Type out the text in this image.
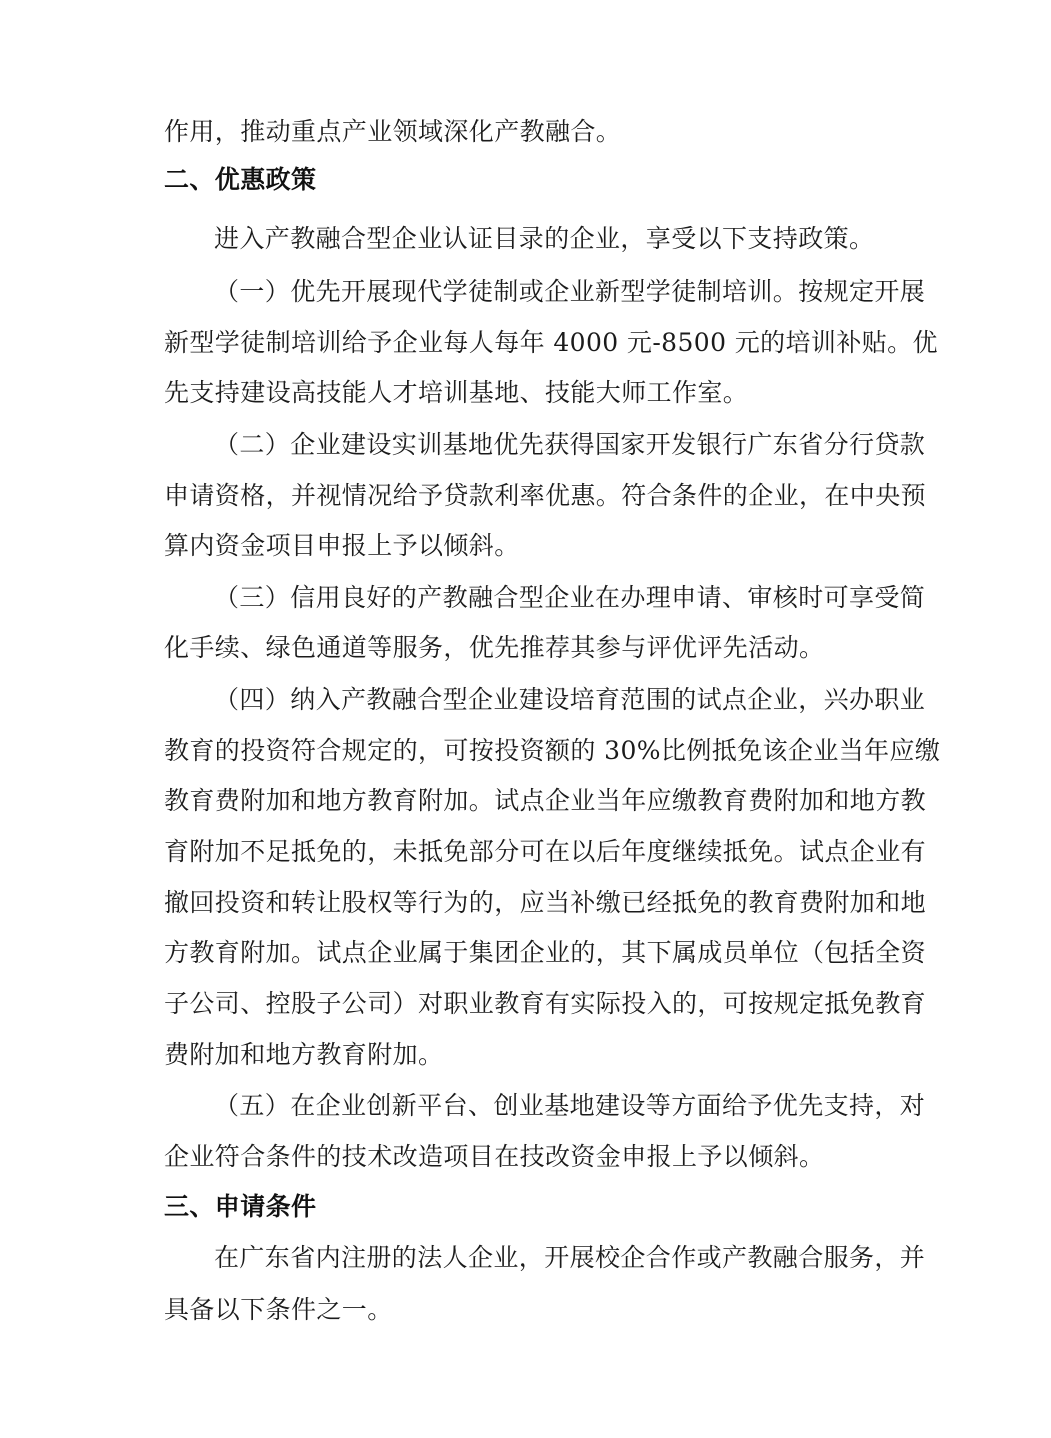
作用，推动重点产业领域深化产教融合。
二、优惠政策
进入产教融合型企业认证目录的企业，享受以下支持政策。
（一）优先开展现代学徒制或企业新型学徒制培训。按规定开展
新型学徒制培训给予企业每人每年 4000 元-8500 元的培训补贴。优
先支持建设高技能人才培训基地、技能大师工作室。
（二）企业建设实训基地优先获得国家开发银行广东省分行贷款
申请资格，并视情况给予贷款利率优惠。符合条件的企业，在中央预
算内资金项目申报上予以倾斜。
（三）信用良好的产教融合型企业在办理申请、审核时可享受简
化手续、绿色通道等服务，优先推荐其参与评优评先活动。
（四）纳入产教融合型企业建设培育范围的试点企业，兴办职业
教育的投资符合规定的，可按投资额的 30%比例抵免该企业当年应缴
教育费附加和地方教育附加。试点企业当年应缴教育费附加和地方教
育附加不足抵免的，未抵免部分可在以后年度继续抵免。试点企业有
撤回投资和转让股权等行为的，应当补缴已经抵免的教育费附加和地
方教育附加。试点企业属于集团企业的，其下属成员单位（包括全资
子公司、控股子公司）对职业教育有实际投入的，可按规定抵免教育
费附加和地方教育附加。
（五）在企业创新平台、创业基地建设等方面给予优先支持，对
企业符合条件的技术改造项目在技改资金申报上予以倾斜。
三、申请条件
在广东省内注册的法人企业，开展校企合作或产教融合服务，并
具备以下条件之一。
